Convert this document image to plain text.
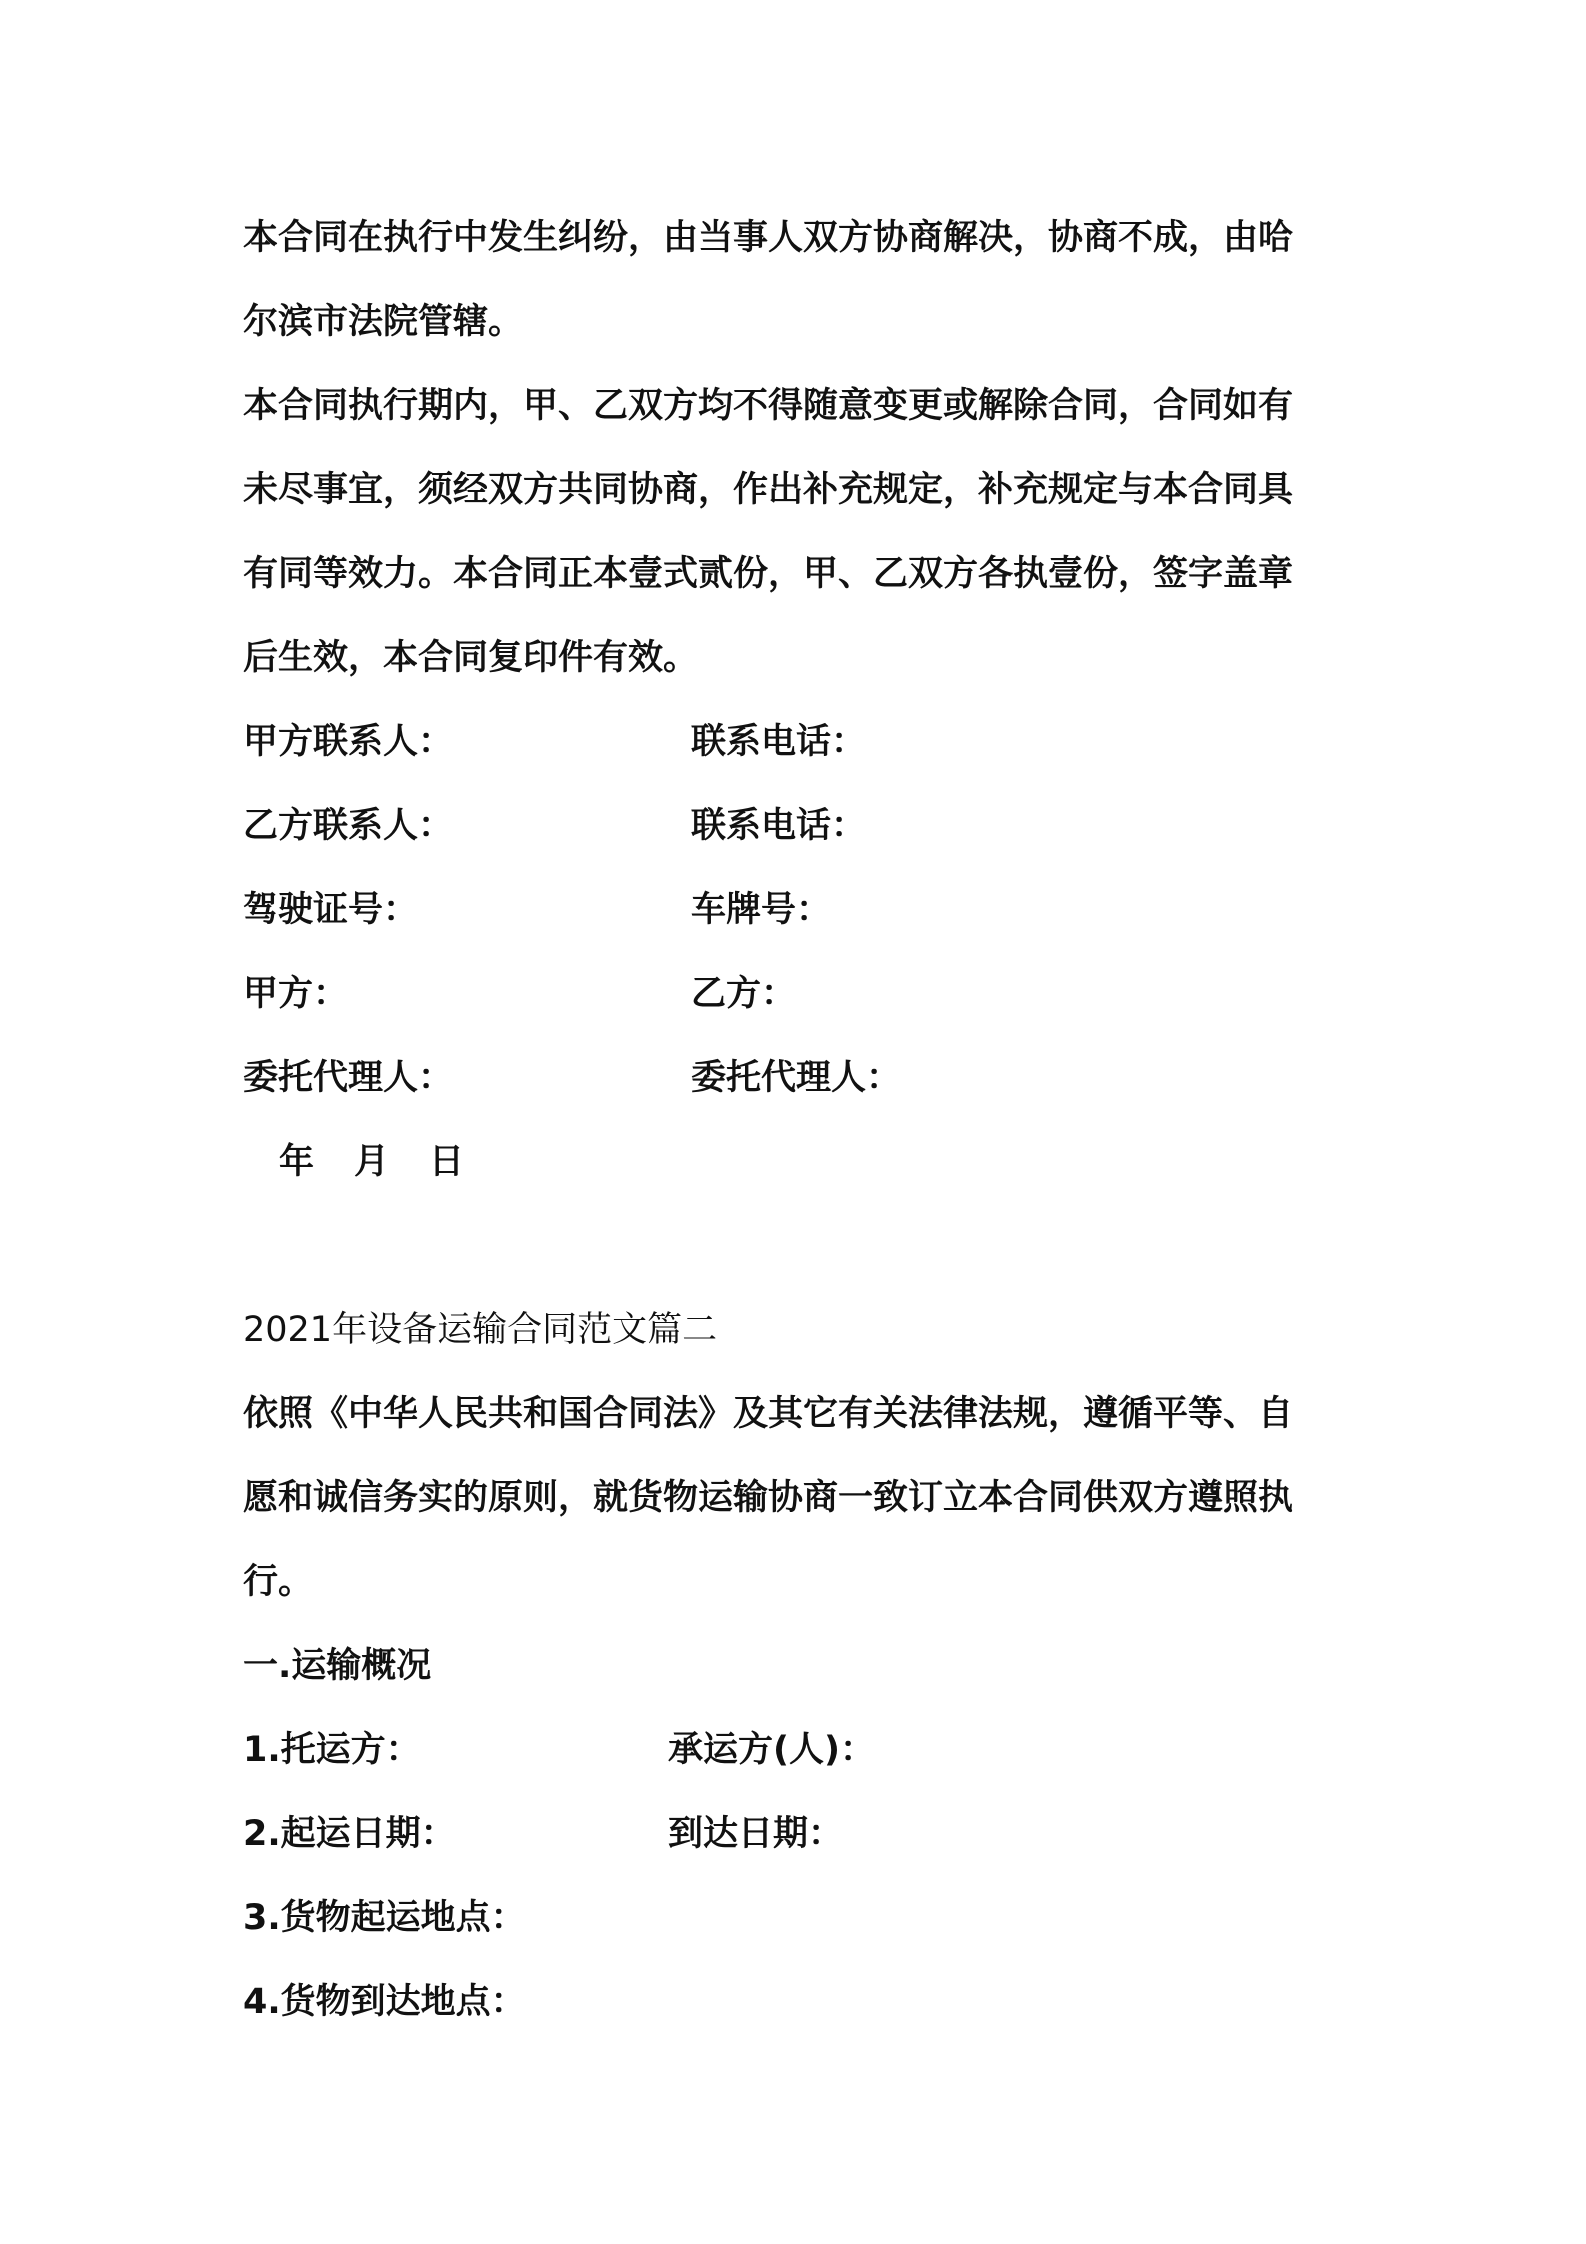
本合同在执行中发生纠纷，由当事人双方协商解决，协商不成，由哈
尔滨市法院管辖。
本合同执行期内，甲、乙双方均不得随意变更或解除合同，合同如有
未尽事宜，须经双方共同协商，作出补充规定，补充规定与本合同具
有同等效力。本合同正本壹式贰份，甲、乙双方各执壹份，签字盖章
后生效，本合同复印件有效。
甲方联系人：	联系电话：
乙方联系人：	联系电话：
驾驶证号：	车牌号：
甲方：	乙方：
委托代理人：	委托代理人：
年 月 日
2021年设备运输合同范文篇二
依照《中华人民共和国合同法》及其它有关法律法规，遵循平等、自
愿和诚信务实的原则，就货物运输协商一致订立本合同供双方遵照执
行。
一.运输概况
1.托运方：	承运方(人)：
2.起运日期：	到达日期：
3.货物起运地点：
4.货物到达地点：
